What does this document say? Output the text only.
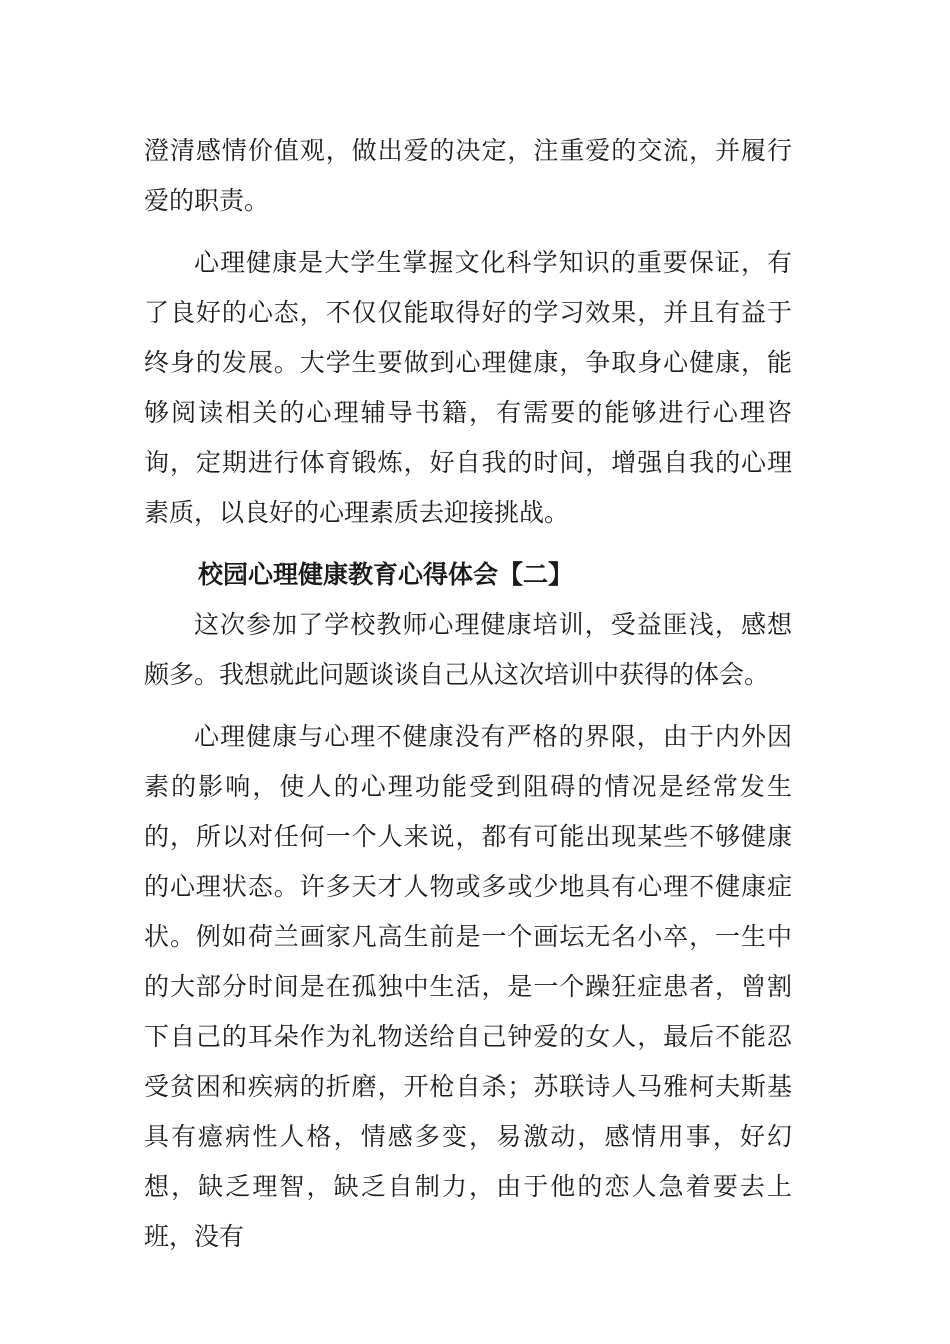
澄清感情价值观，做出爱的决定，注重爱的交流，并履行爱的职责。

心理健康是大学生掌握文化科学知识的重要保证，有了良好的心态，不仅仅能取得好的学习效果，并且有益于终身的发展。大学生要做到心理健康，争取身心健康，能够阅读相关的心理辅导书籍，有需要的能够进行心理咨询，定期进行体育锻炼，好自我的时间，增强自我的心理素质，以良好的心理素质去迎接挑战。

校园心理健康教育心得体会【二】

这次参加了学校教师心理健康培训，受益匪浅，感想颇多。我想就此问题谈谈自己从这次培训中获得的体会。

心理健康与心理不健康没有严格的界限，由于内外因素的影响，使人的心理功能受到阻碍的情况是经常发生的，所以对任何一个人来说，都有可能出现某些不够健康的心理状态。许多天才人物或多或少地具有心理不健康症状。例如荷兰画家凡高生前是一个画坛无名小卒，一生中的大部分时间是在孤独中生活，是一个躁狂症患者，曾割下自己的耳朵作为礼物送给自己钟爱的女人，最后不能忍受贫困和疾病的折磨，开枪自杀；苏联诗人马雅柯夫斯基具有癔病性人格，情感多变，易激动，感情用事，好幻想，缺乏理智，缺乏自制力，由于他的恋人急着要去上班，没有
